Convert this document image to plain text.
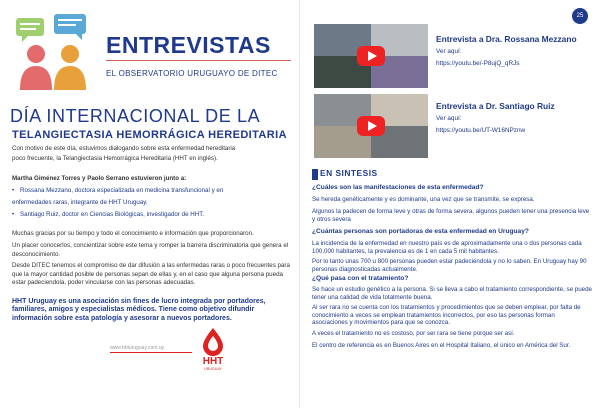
ENTREVISTAS
EL OBSERVATORIO URUGUAYO DE DITEC
DÍA INTERNACIONAL DE LA
TELANGIECTASIA HEMORRÁGICA HEREDITARIA
Con motivo de este día, estuvimos dialogando sobre esta enfermedad hereditaria
poco frecuente, la Telangiectasia Hemorrágica Hereditaria (HHT en inglés).
Martha Giménez Torres y Paolo Serrano estuvieron junto a:
• Rossana Mezzano, doctora especializada en medicina transfuncional y en
enfermedades raras, integrante de HHT Uruguay.
• Santiago Ruiz, doctor en Ciencias Biológicas, investigador de HHT.
Muchas gracias por su tiempo y todo el conocimiento e información que proporcionaron.
Un placer conocerlos, concientizar sobre este tema y romper la barrera discriminatoria que genera el desconocimiento.
Desde DITEC tenemos el compromiso de dar difusión a las enfermedas raras o poco frecuentes para que la mayor cantidad posible de personas sepan de ellas y, en el caso que alguna persona pueda estar padeciendola, poder vincularse con las personas adecuadas.
HHT Uruguay es una asociación sin fines de lucro integrada por portadores, familiares, amigos y especialistas médicos. Tiene como objetivo difundir información sobre esta patología y asesorar a nuevos portadores.
www.hhturuguay.com.uy
HHT
URUGUAY
25
Entrevista a Dra. Rossana Mezzano
Ver aquí:
https://youtu.be/-P8ujQ_qRJs
Entrevista a Dr. Santiago Ruiz
Ver aquí:
https://youtu.be/UT-W16NPznw
EN SINTESIS
¿Cuáles son las manifestaciones de esta enfermedad?
Se hereda genéticamente y es dominante, una vez que se transmite, se expresa.
Algunos la padecen de forma leve y otras de forma severa, algunos pueden tener una presencia leve y otros severa
¿Cuántas personas son portadoras de esta enfermedad en Uruguay?
La incidencia de la enfermedad en nuestro país es de aproximadamente una o dos personas cada 100.000 habitantes, la prevalencia es de 1 en cada 5 mil habitantes.
Por lo tanto unas 700 u 800 personas pueden estar padeciéndola y no lo saben. En Uruguay hay 90 personas diagnosticadas actualmente.
¿Qué pasa con el tratamiento?
Se hace un estudio genético a la persona. Si se lleva a cabo el tratamiento correspondiente, se puede tener una calidad de vida totalmente buena.
Al ser rara no se cuenta con los tratamientos y procedimientos que se deben emplear, por falta de conocimiento a veces se emplean tratamientos incorrectos, por eso las personas forman asociaciones y movimientos para que se conozca.
A veces el tratamiento no es costoso, por ser rara se tiene porque ser así.
El centro de referencia es en Buenos Aires en el Hospital Italiano, el único en América del Sur.
